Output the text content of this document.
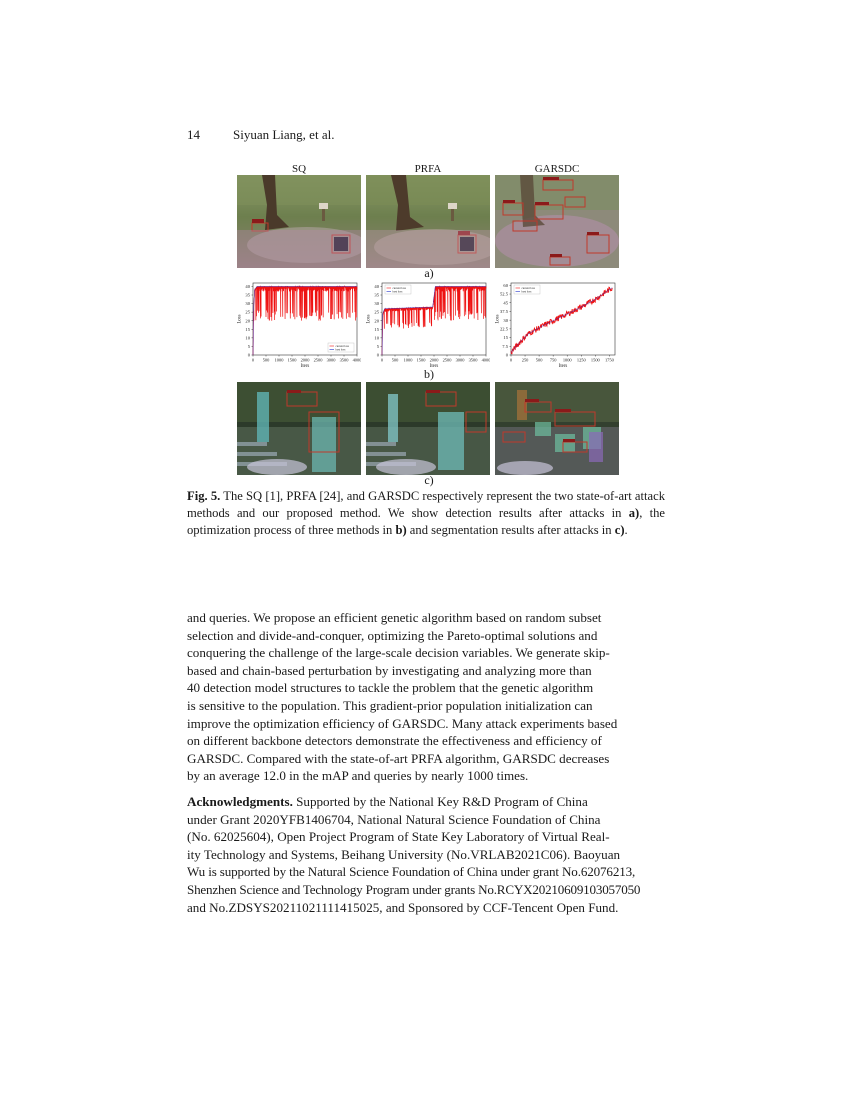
14	Siyuan Liang, et al.
SQ	PRFA	GARSDC
a)
0
5
10
15
20
25
30
35
40
0 500 1000 1500 2000 2500 3000 3500 4000
Iters
Loss
current loss
best loss
0
5
10
15
20
25
30
35
40
0 500 1000 1500 2000 2500 3000 3500 4000
Iters
Loss
current loss
best loss
0
7.5
15
22.5
30
37.5
45
52.5
60
0 250 500 750 1000 1250 1500 1750
Iters
Loss
current loss
best loss
b)
c)
Fig. 5. The SQ [1], PRFA [24], and GARSDC respectively represent the two state-of-art attack methods and our proposed method. We show detection results after attacks in a), the optimization process of three methods in b) and segmentation results after attacks in c).
and queries. We propose an efficient genetic algorithm based on random subset
selection and divide-and-conquer, optimizing the Pareto-optimal solutions and
conquering the challenge of the large-scale decision variables. We generate skip-
based and chain-based perturbation by investigating and analyzing more than
40 detection model structures to tackle the problem that the genetic algorithm
is sensitive to the population. This gradient-prior population initialization can
improve the optimization efficiency of GARSDC. Many attack experiments based
on different backbone detectors demonstrate the effectiveness and efficiency of
GARSDC. Compared with the state-of-art PRFA algorithm, GARSDC decreases
by an average 12.0 in the mAP and queries by nearly 1000 times.
Acknowledgments. Supported by the National Key R&D Program of China
under Grant 2020YFB1406704, National Natural Science Foundation of China
(No. 62025604), Open Project Program of State Key Laboratory of Virtual Real-
ity Technology and Systems, Beihang University (No.VRLAB2021C06). Baoyuan
Wu is supported by the Natural Science Foundation of China under grant No.62076213,
Shenzhen Science and Technology Program under grants No.RCYX20210609103057050
and No.ZDSYS20211021111415025, and Sponsored by CCF-Tencent Open Fund.
